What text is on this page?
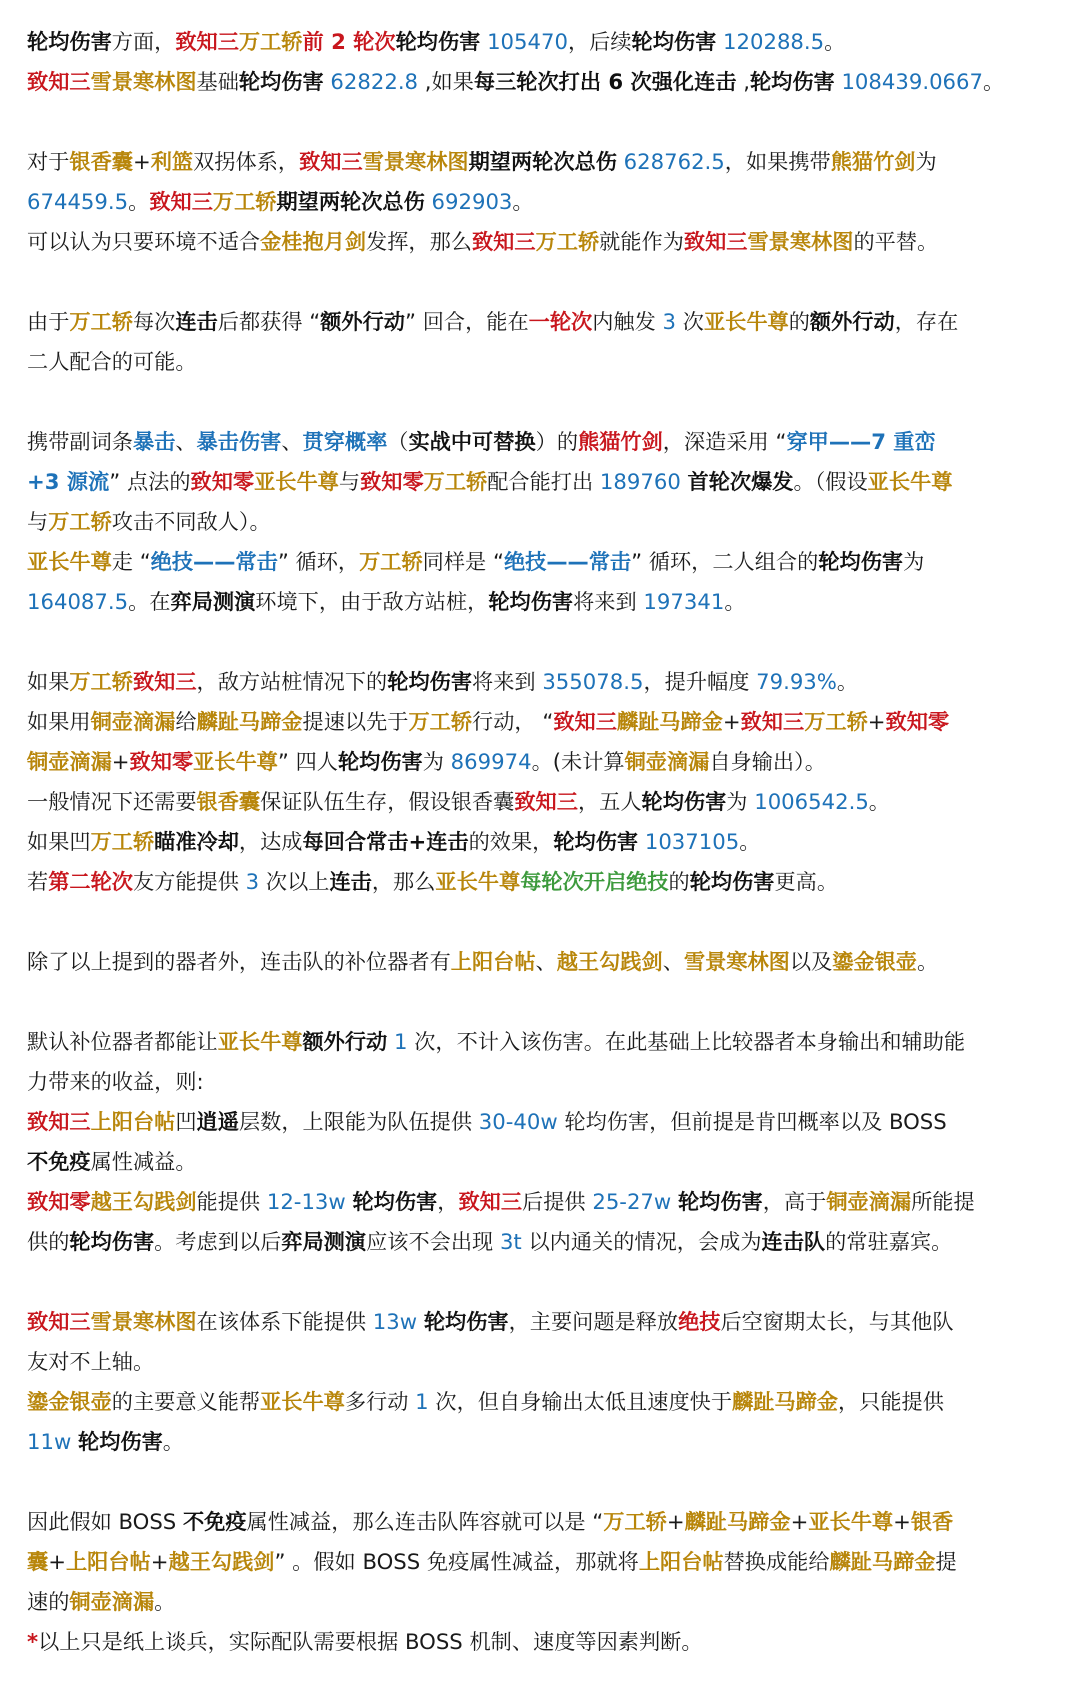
轮均伤害方面，致知三万工轿前 2 轮次轮均伤害 105470，后续轮均伤害 120288.5。
致知三雪景寒林图基础轮均伤害 62822.8 ,如果每三轮次打出 6 次强化连击 ,轮均伤害 108439.0667。
对于银香囊+利篮双拐体系，致知三雪景寒林图期望两轮次总伤 628762.5，如果携带熊猫竹剑为
674459.5。致知三万工轿期望两轮次总伤 692903。
可以认为只要环境不适合金桂抱月剑发挥，那么致知三万工轿就能作为致知三雪景寒林图的平替。
由于万工轿每次连击后都获得 “额外行动” 回合，能在一轮次内触发 3 次亚长牛尊的额外行动，存在
二人配合的可能。
携带副词条暴击、暴击伤害、贯穿概率（实战中可替换）的熊猫竹剑，深造采用 “穿甲——7 重峦
+3 源流” 点法的致知零亚长牛尊与致知零万工轿配合能打出 189760 首轮次爆发。（假设亚长牛尊
与万工轿攻击不同敌人）。
亚长牛尊走 “绝技——常击” 循环，万工轿同样是 “绝技——常击” 循环，二人组合的轮均伤害为
164087.5。在弈局测演环境下，由于敌方站桩，轮均伤害将来到 197341。
如果万工轿致知三，敌方站桩情况下的轮均伤害将来到 355078.5，提升幅度 79.93%。
如果用铜壶滴漏给麟趾马蹄金提速以先于万工轿行动， “致知三麟趾马蹄金+致知三万工轿+致知零
铜壶滴漏+致知零亚长牛尊” 四人轮均伤害为 869974。(未计算铜壶滴漏自身输出）。
一般情况下还需要银香囊保证队伍生存，假设银香囊致知三，五人轮均伤害为 1006542.5。
如果凹万工轿瞄准冷却，达成每回合常击+连击的效果，轮均伤害 1037105。
若第二轮次友方能提供 3 次以上连击，那么亚长牛尊每轮次开启绝技的轮均伤害更高。
除了以上提到的器者外，连击队的补位器者有上阳台帖、越王勾践剑、雪景寒林图以及鎏金银壶。
默认补位器者都能让亚长牛尊额外行动 1 次，不计入该伤害。在此基础上比较器者本身输出和辅助能
力带来的收益，则:
致知三上阳台帖凹逍遥层数，上限能为队伍提供 30-40w 轮均伤害，但前提是肯凹概率以及 BOSS
不免疫属性减益。
致知零越王勾践剑能提供 12-13w 轮均伤害，致知三后提供 25-27w 轮均伤害，高于铜壶滴漏所能提
供的轮均伤害。考虑到以后弈局测演应该不会出现 3t 以内通关的情况，会成为连击队的常驻嘉宾。
致知三雪景寒林图在该体系下能提供 13w 轮均伤害，主要问题是释放绝技后空窗期太长，与其他队
友对不上轴。
鎏金银壶的主要意义能帮亚长牛尊多行动 1 次，但自身输出太低且速度快于麟趾马蹄金，只能提供
11w 轮均伤害。
因此假如 BOSS 不免疫属性减益，那么连击队阵容就可以是 “万工轿+麟趾马蹄金+亚长牛尊+银香
囊+上阳台帖+越王勾践剑” 。假如 BOSS 免疫属性减益，那就将上阳台帖替换成能给麟趾马蹄金提
速的铜壶滴漏。
*以上只是纸上谈兵，实际配队需要根据 BOSS 机制、速度等因素判断。
